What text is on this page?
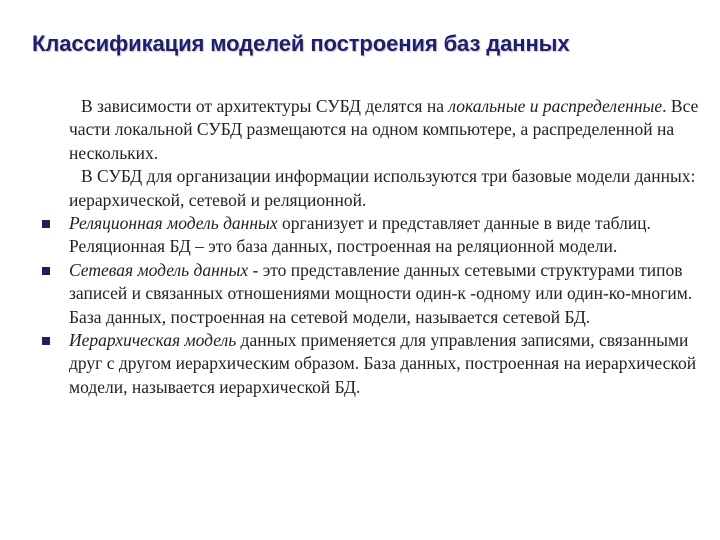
Классификация моделей построения баз данных

В зависимости от архитектуры СУБД делятся на локальные и распределенные. Все части локальной СУБД размещаются на одном компьютере, а распределенной на нескольких.

В СУБД для организации информации используются три базовые модели данных: иерархической, сетевой и реляционной.

Реляционная модель данных организует и представляет данные в виде таблиц. Реляционная БД – это база данных, построенная на реляционной модели.

Сетевая модель данных - это представление данных сетевыми структурами типов записей и связанных отношениями мощности один-к -одному или один-ко-многим. База данных, построенная на сетевой модели, называется сетевой БД.

Иерархическая модель данных применяется для управления записями, связанными друг с другом иерархическим образом. База данных, построенная на иерархической модели, называется иерархической БД.
